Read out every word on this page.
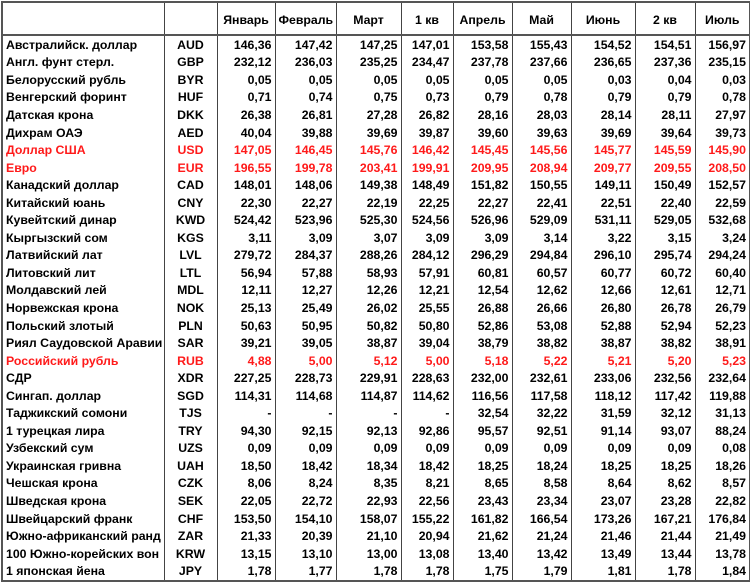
		Январь	Февраль	Март	1 кв	Апрель	Май	Июнь	2 кв	Июль
Австралийск. доллар	AUD	146,36	147,42	147,25	147,01	153,58	155,43	154,52	154,51	156,97
Англ. фунт стерл.	GBP	232,12	236,03	235,25	234,47	237,78	237,66	236,65	237,36	235,15
Белорусский рубль	BYR	0,05	0,05	0,05	0,05	0,05	0,05	0,03	0,04	0,03
Венгерский форинт	HUF	0,71	0,74	0,75	0,73	0,79	0,78	0,79	0,79	0,78
Датская крона	DKK	26,38	26,81	27,28	26,82	28,16	28,03	28,14	28,11	27,97
Дихрам ОАЭ	AED	40,04	39,88	39,69	39,87	39,60	39,63	39,69	39,64	39,73
Доллар США	USD	147,05	146,45	145,76	146,42	145,45	145,56	145,77	145,59	145,90
Евро	EUR	196,55	199,78	203,41	199,91	209,95	208,94	209,77	209,55	208,50
Канадский доллар	CAD	148,01	148,06	149,38	148,49	151,82	150,55	149,11	150,49	152,57
Китайский юань	CNY	22,30	22,27	22,19	22,25	22,27	22,41	22,51	22,40	22,59
Кувейтский динар	KWD	524,42	523,96	525,30	524,56	526,96	529,09	531,11	529,05	532,68
Кыргызский сом	KGS	3,11	3,09	3,07	3,09	3,09	3,14	3,22	3,15	3,24
Латвийский лат	LVL	279,72	284,37	288,26	284,12	296,29	294,84	296,10	295,74	294,24
Литовский лит	LTL	56,94	57,88	58,93	57,91	60,81	60,57	60,77	60,72	60,40
Молдавский лей	MDL	12,11	12,27	12,26	12,21	12,54	12,62	12,66	12,61	12,71
Норвежская крона	NOK	25,13	25,49	26,02	25,55	26,88	26,66	26,80	26,78	26,79
Польский злотый	PLN	50,63	50,95	50,82	50,80	52,86	53,08	52,88	52,94	52,23
Риял Саудовской Аравии	SAR	39,21	39,05	38,87	39,04	38,79	38,82	38,87	38,82	38,91
Российский рубль	RUB	4,88	5,00	5,12	5,00	5,18	5,22	5,21	5,20	5,23
СДР	XDR	227,25	228,73	229,91	228,63	232,00	232,61	233,06	232,56	232,64
Сингап. доллар	SGD	114,31	114,68	114,87	114,62	116,56	117,58	118,12	117,42	119,88
Таджикский сомони	TJS	-	-	-	-	32,54	32,22	31,59	32,12	31,13
1 турецкая лира	TRY	94,30	92,15	92,13	92,86	95,57	92,51	91,14	93,07	88,24
Узбекский сум	UZS	0,09	0,09	0,09	0,09	0,09	0,09	0,09	0,09	0,08
Украинская гривна	UAH	18,50	18,42	18,34	18,42	18,25	18,24	18,25	18,25	18,26
Чешская крона	CZK	8,06	8,24	8,35	8,21	8,65	8,58	8,64	8,62	8,57
Шведская крона	SEK	22,05	22,72	22,93	22,56	23,43	23,34	23,07	23,28	22,82
Швейцарский франк	CHF	153,50	154,10	158,07	155,22	161,82	166,54	173,26	167,21	176,84
Южно-африканский ранд	ZAR	21,33	20,39	21,10	20,94	21,62	21,24	21,46	21,44	21,49
100 Южно-корейских вон	KRW	13,15	13,10	13,00	13,08	13,40	13,42	13,49	13,44	13,78
1 японская йена	JPY	1,78	1,77	1,78	1,78	1,75	1,79	1,81	1,78	1,84
